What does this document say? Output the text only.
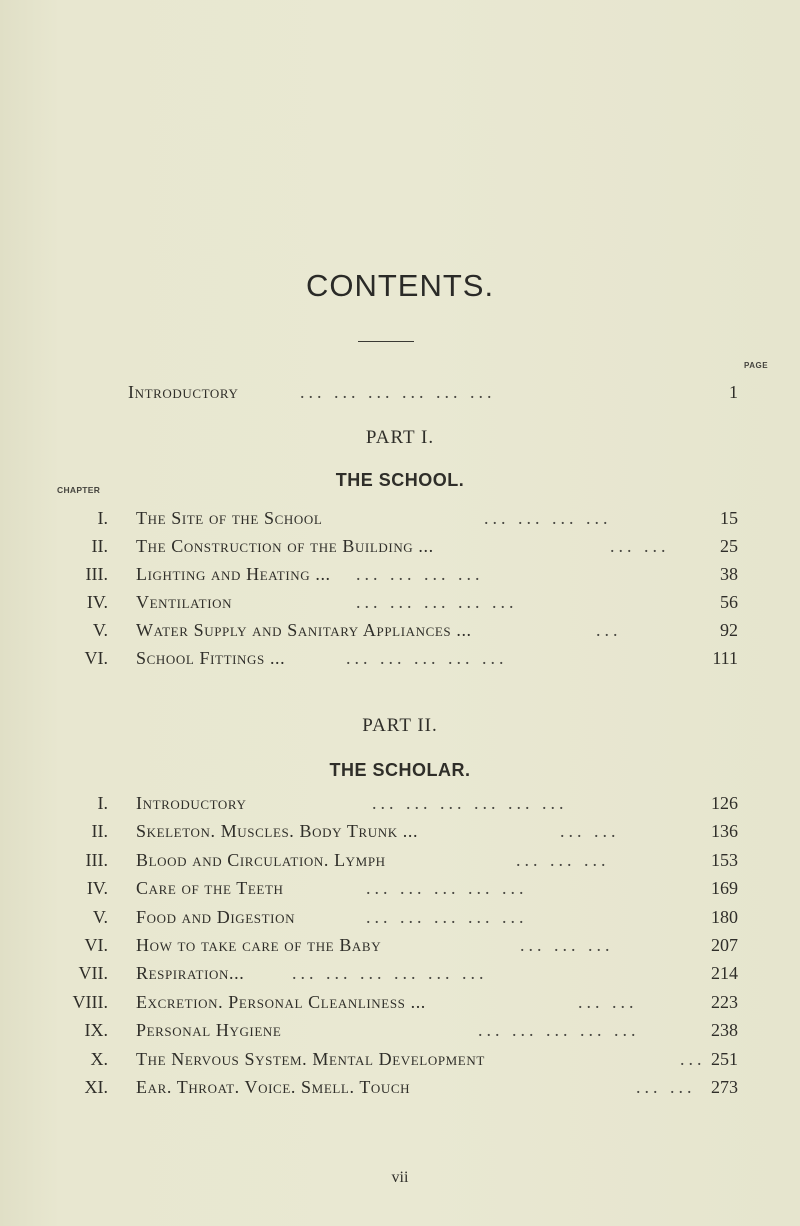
CONTENTS.
PAGE
Introductory	... ... ... ... ... ...	1
PART I.
THE SCHOOL.
CHAPTER
I. The Site of the School	... ... ... ...	15
II. The Construction of the Building ...	... ...	25
III. Lighting and Heating ... ... ... ... ...	38
IV. Ventilation	... ... ... ... ...	56
V. Water Supply and Sanitary Appliances ...	...	92
VI. School Fittings ...	... ... ... ... ...	111
PART II.
THE SCHOLAR.
I. Introductory	... ... ... ... ... ...	126
II. Skeleton. Muscles. Body Trunk ...	... ...	136
III. Blood and Circulation. Lymph	... ... ...	153
IV. Care of the Teeth	... ... ... ... ...	169
V. Food and Digestion	... ... ... ... ...	180
VI. How to take care of the Baby	... ... ...	207
VII. Respiration...	... ... ... ... ... ...	214
VIII. Excretion. Personal Cleanliness ...	... ...	223
IX. Personal Hygiene	... ... ... ... ...	238
X. The Nervous System. Mental Development	... 251
XI. Ear. Throat. Voice. Smell. Touch	... ... 273
vii
